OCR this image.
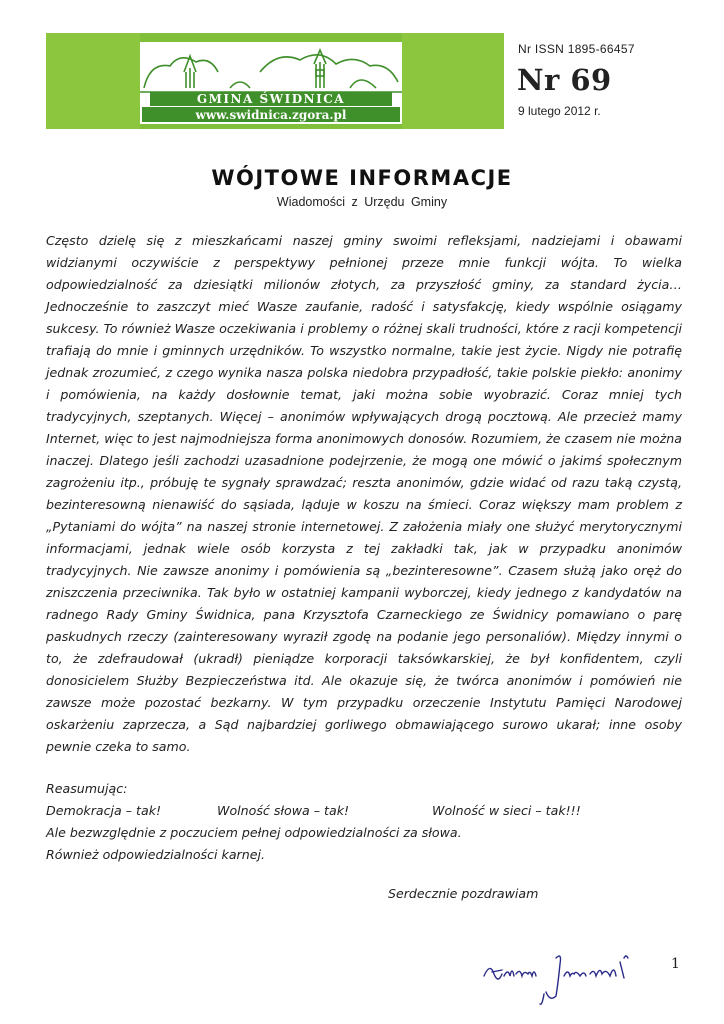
GMINA ŚWIDNICA
www.swidnica.zgora.pl
Nr ISSN 1895-66457
Nr 69
9 lutego 2012 r.
WÓJTOWE INFORMACJE
Wiadomości z Urzędu Gminy

Często dzielę się z mieszkańcami naszej gminy swoimi refleksjami, nadziejami i obawami widzianymi oczywiście z perspektywy pełnionej przeze mnie funkcji wójta. To wielka odpowiedzialność za dziesiątki milionów złotych, za przyszłość gminy, za standard życia… Jednocześnie to zaszczyt mieć Wasze zaufanie, radość i satysfakcję, kiedy wspólnie osiągamy sukcesy. To również Wasze oczekiwania i problemy o różnej skali trudności, które z racji kompetencji trafiają do mnie i gminnych urzędników. To wszystko normalne, takie jest życie. Nigdy nie potrafię jednak zrozumieć, z czego wynika nasza polska niedobra przypadłość, takie polskie piekło: anonimy i pomówienia, na każdy dosłownie temat, jaki można sobie wyobrazić. Coraz mniej tych tradycyjnych, szeptanych. Więcej – anonimów wpływających drogą pocztową. Ale przecież mamy Internet, więc to jest najmodniejsza forma anonimowych donosów. Rozumiem, że czasem nie można inaczej. Dlatego jeśli zachodzi uzasadnione podejrzenie, że mogą one mówić o jakimś społecznym zagrożeniu itp., próbuję te sygnały sprawdzać; reszta anonimów, gdzie widać od razu taką czystą, bezinteresowną nienawiść do sąsiada, ląduje w koszu na śmieci. Coraz większy mam problem z „Pytaniami do wójta” na naszej stronie internetowej. Z założenia miały one służyć merytorycznymi informacjami, jednak wiele osób korzysta z tej zakładki tak, jak w przypadku anonimów tradycyjnych. Nie zawsze anonimy i pomówienia są „bezinteresowne”. Czasem służą jako oręż do zniszczenia przeciwnika. Tak było w ostatniej kampanii wyborczej, kiedy jednego z kandydatów na radnego Rady Gminy Świdnica, pana Krzysztofa Czarneckiego ze Świdnicy pomawiano o parę paskudnych rzeczy (zainteresowany wyraził zgodę na podanie jego personaliów). Między innymi o to, że zdefraudował (ukradł) pieniądze korporacji taksówkarskiej, że był konfidentem, czyli donosicielem Służby Bezpieczeństwa itd. Ale okazuje się, że twórca anonimów i pomówień nie zawsze może pozostać bezkarny. W tym przypadku orzeczenie Instytutu Pamięci Narodowej oskarżeniu zaprzecza, a Sąd najbardziej gorliwego obmawiającego surowo ukarał; inne osoby pewnie czeka to samo.

Reasumując:
Demokracja – tak!	Wolność słowa – tak!	Wolność w sieci – tak!!!
Ale bezwzględnie z poczuciem pełnej odpowiedzialności za słowa.
Również odpowiedzialności karnej.
Serdecznie pozdrawiam
1
